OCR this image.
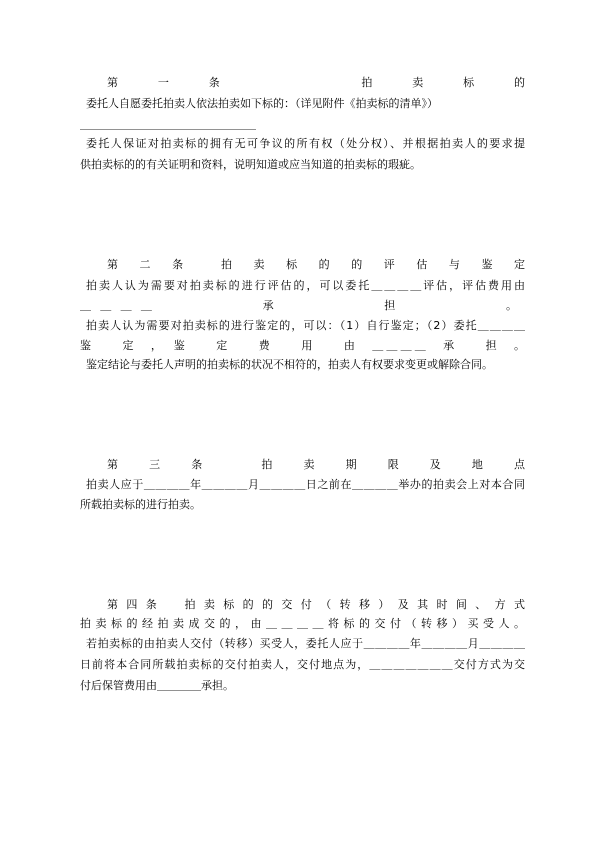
第　一　条　　　　　拍　卖　标　的
委托人自愿委托拍卖人依法拍卖如下标的：（详见附件《拍卖标的清单》）
＿＿＿＿＿＿＿＿＿＿＿＿＿＿＿＿
委托人保证对拍卖标的拥有无可争议的所有权（处分权）、并根据拍卖人的要求提
供拍卖标的的有关证明和资料，说明知道或应当知道的拍卖标的瑕疵。
第　二　条　　拍　卖　标　的　的　评　估　与　鉴　定
拍卖人认为需要对拍卖标的进行评估的，可以委托＿＿＿＿评估，评估费用由
＿＿＿＿　　　　　承　　　　　担　　　　　。
拍卖人认为需要对拍卖标的进行鉴定的，可以：（1）自行鉴定；（2）委托＿＿＿＿
鉴　　定　，　鉴　　定　　费　　用　　由　＿＿＿＿　承　　担　。
鉴定结论与委托人声明的拍卖标的状况不相符的，拍卖人有权要求变更或解除合同。
第　　三　　条　　　　拍　　卖　　期　　限　　及　　地　　点
拍卖人应于＿＿＿＿年＿＿＿＿月＿＿＿＿日之前在＿＿＿＿举办的拍卖会上对本合同
所载拍卖标的进行拍卖。
第四条　拍卖标的的交付（转移）及其时间、方式
拍卖标的经拍卖成交的，由＿＿＿＿将标的交付（转移）买受人。
若拍卖标的由拍卖人交付（转移）买受人，委托人应于＿＿＿＿年＿＿＿＿月＿＿＿＿
日前将本合同所载拍卖标的交付拍卖人，交付地点为，＿＿＿＿＿＿＿交付方式为交
付后保管费用由＿＿＿＿承担。
